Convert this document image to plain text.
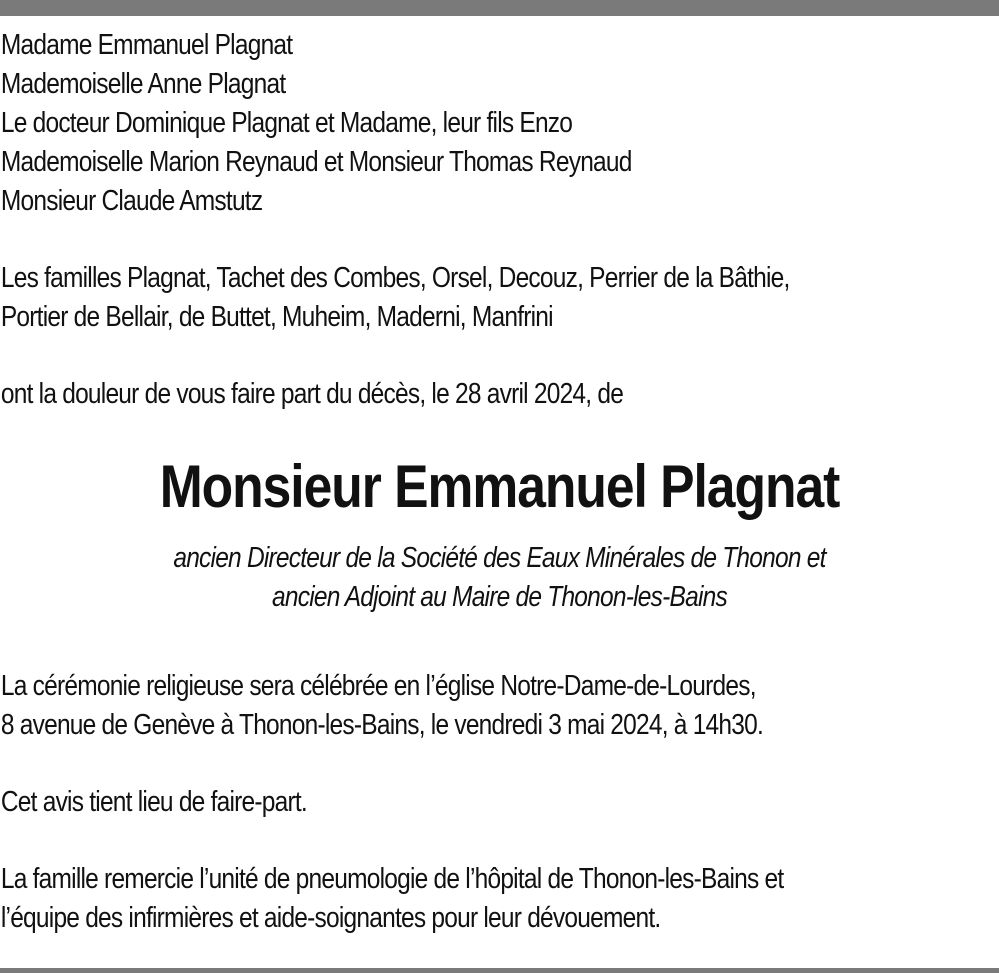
Madame Emmanuel Plagnat

Mademoiselle Anne Plagnat

Le docteur Dominique Plagnat et Madame, leur fils Enzo

Mademoiselle Marion Reynaud et Monsieur Thomas Reynaud

Monsieur Claude Amstutz

Les familles Plagnat, Tachet des Combes, Orsel, Decouz, Perrier de la Bâthie,

Portier de Bellair, de Buttet, Muheim, Maderni, Manfrini

ont la douleur de vous faire part du décès, le 28 avril 2024, de

Monsieur Emmanuel Plagnat
ancien Directeur de la Société des Eaux Minérales de Thonon et
ancien Adjoint au Maire de Thonon-les-Bains

La cérémonie religieuse sera célébrée en l’église Notre-Dame-de-Lourdes,

8 avenue de Genève à Thonon-les-Bains, le vendredi 3 mai 2024, à 14h30.

Cet avis tient lieu de faire-part.

La famille remercie l’unité de pneumologie de l’hôpital de Thonon-les-Bains et

l’équipe des infirmières et aide-soignantes pour leur dévouement.
